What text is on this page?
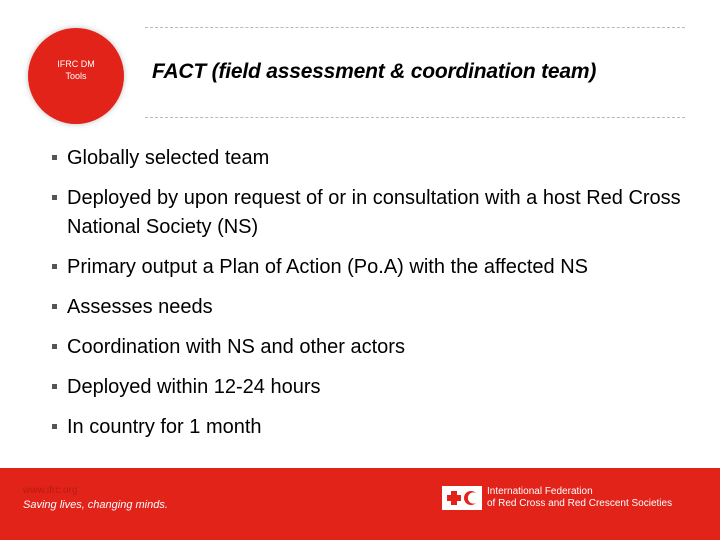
IFRC DM
Tools	FACT (field assessment & coordination team)
Globally selected team
Deployed by upon request of or in consultation with a host Red Cross National Society (NS)
Primary output a Plan of Action (Po.A) with the affected NS
Assesses needs
Coordination with NS and other actors
Deployed within 12-24 hours
In country for 1 month
www.ifrc.org
Saving lives, changing minds.
International Federation
of Red Cross and Red Crescent Societies
